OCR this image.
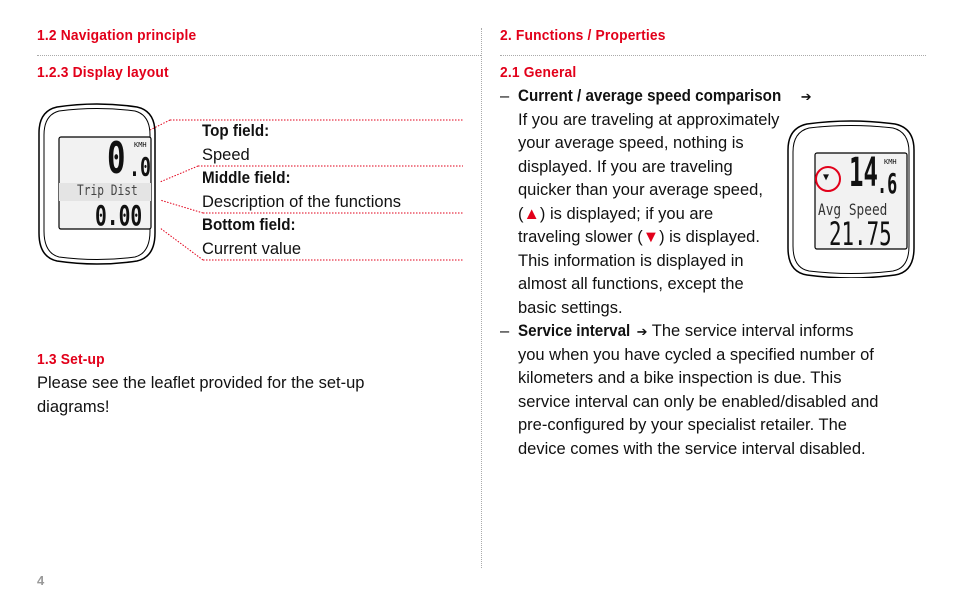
1.2 Navigation principle
1.2.3 Display layout
0 .0
KMH
Trip Dist
0.00
Top field:
Speed
Middle field:
Description of the functions
Bottom field:
Current value
1.3 Set-up
Please see the leaflet provided for the set-up
diagrams!
4
2. Functions / Properties
2.1 General
– Current / average speed comparison ➔
If you are traveling at approximately
your average speed, nothing is
displayed. If you are traveling
quicker than your average speed,
(▲) is displayed; if you are
traveling slower (▼) is displayed.
This information is displayed in
almost all functions, except the
basic settings.
– Service interval ➔ The service interval informs
you when you have cycled a specified number of
kilometers and a bike inspection is due. This
service interval can only be enabled/disabled and
pre-configured by your specialist retailer. The
device comes with the service interval disabled.
▼ 14 .6
KMH
Avg Speed
21.75
